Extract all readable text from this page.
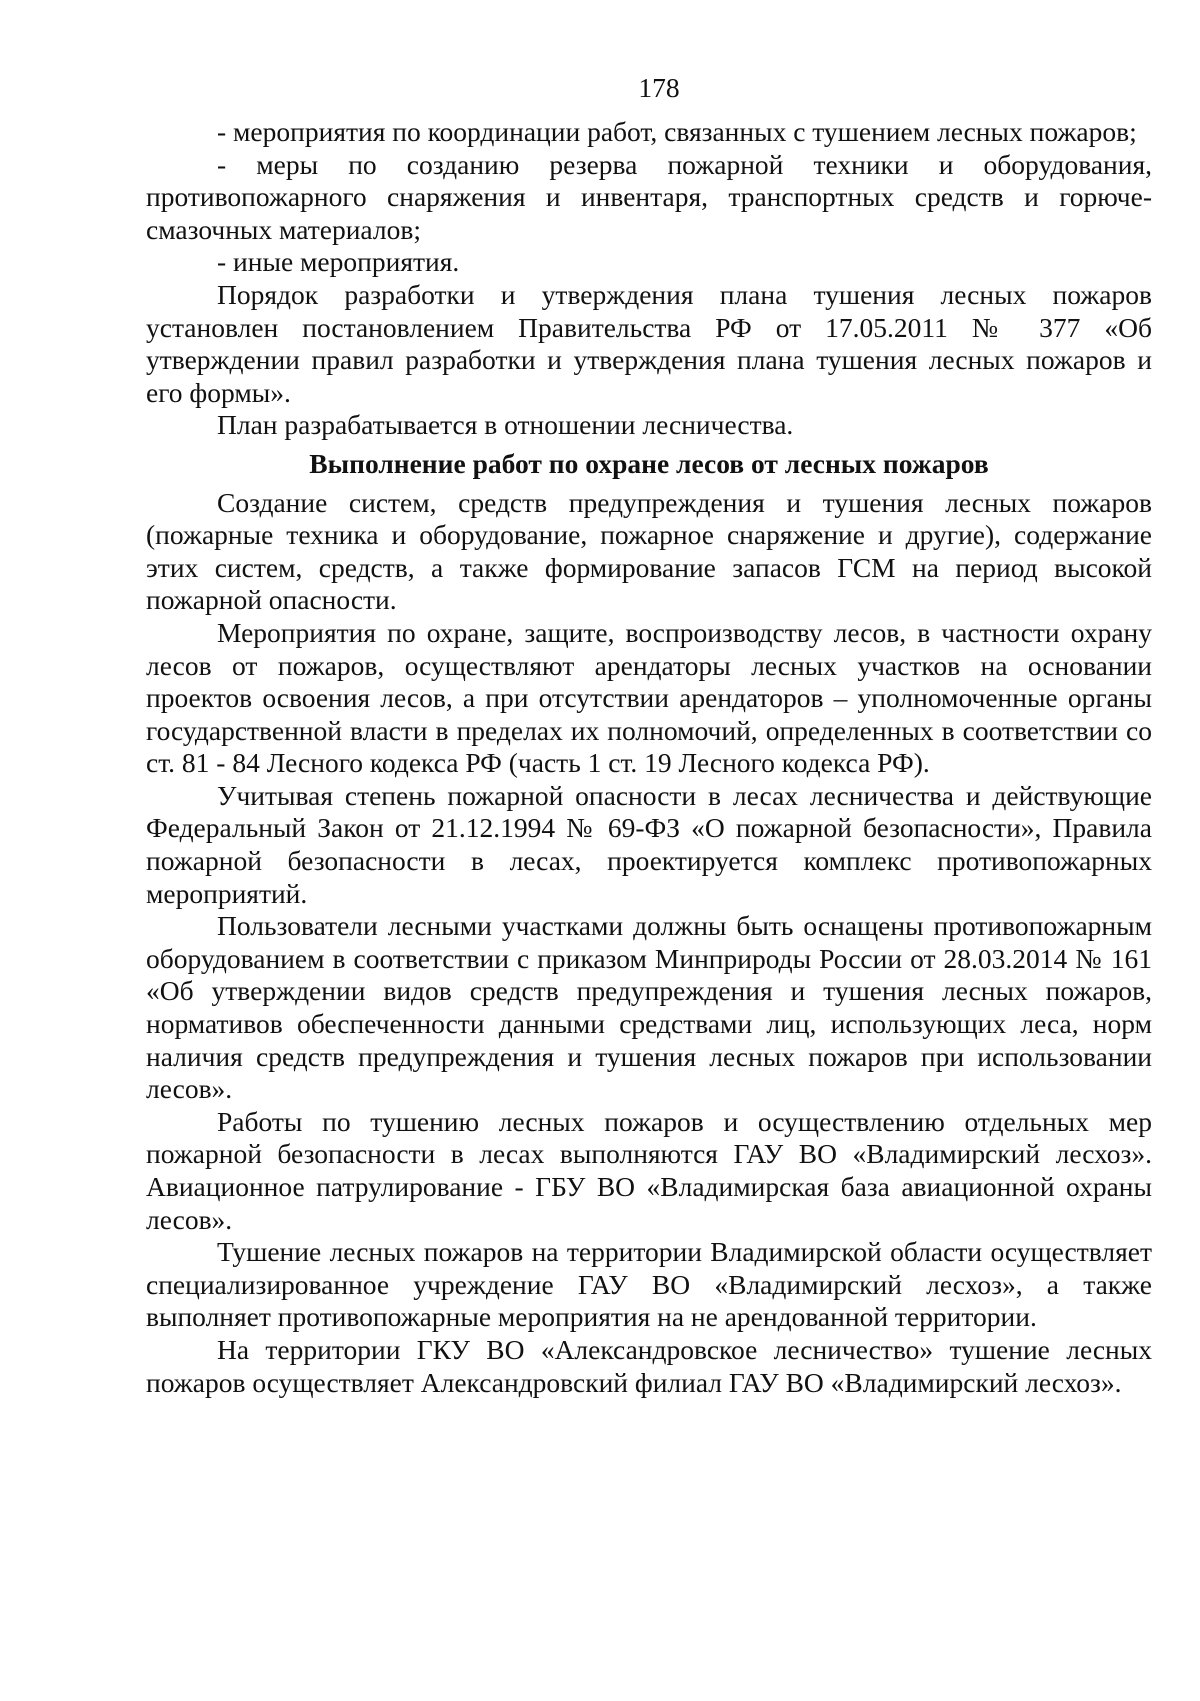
178

- мероприятия по координации работ, связанных с тушением лесных пожаров;

- меры по созданию резерва пожарной техники и оборудования, противопожарного снаряжения и инвентаря, транспортных средств и горюче-смазочных материалов;

- иные мероприятия.

Порядок разработки и утверждения плана тушения лесных пожаров установлен постановлением Правительства РФ от 17.05.2011 № 377 «Об утверждении правил разработки и утверждения плана тушения лесных пожаров и его формы».

План разрабатывается в отношении лесничества.

Выполнение работ по охране лесов от лесных пожаров

Создание систем, средств предупреждения и тушения лесных пожаров (пожарные техника и оборудование, пожарное снаряжение и другие), содержание этих систем, средств, а также формирование запасов ГСМ на период высокой пожарной опасности.

Мероприятия по охране, защите, воспроизводству лесов, в частности охрану лесов от пожаров, осуществляют арендаторы лесных участков на основании проектов освоения лесов, а при отсутствии арендаторов – уполномоченные органы государственной власти в пределах их полномочий, определенных в соответствии со ст. 81 - 84 Лесного кодекса РФ (часть 1 ст. 19 Лесного кодекса РФ).

Учитывая степень пожарной опасности в лесах лесничества и действующие Федеральный Закон от 21.12.1994 № 69-ФЗ «О пожарной безопасности», Правила пожарной безопасности в лесах, проектируется комплекс противопожарных мероприятий.

Пользователи лесными участками должны быть оснащены противопожарным оборудованием в соответствии с приказом Минприроды России от 28.03.2014 № 161 «Об утверждении видов средств предупреждения и тушения лесных пожаров, нормативов обеспеченности данными средствами лиц, использующих леса, норм наличия средств предупреждения и тушения лесных пожаров при использовании лесов».

Работы по тушению лесных пожаров и осуществлению отдельных мер пожарной безопасности в лесах выполняются ГАУ ВО «Владимирский лесхоз». Авиационное патрулирование - ГБУ ВО «Владимирская база авиационной охраны лесов».

Тушение лесных пожаров на территории Владимирской области осуществляет специализированное учреждение ГАУ ВО «Владимирский лесхоз», а также выполняет противопожарные мероприятия на не арендованной территории.

На территории ГКУ ВО «Александровское лесничество» тушение лесных пожаров осуществляет Александровский филиал ГАУ ВО «Владимирский лесхоз».
